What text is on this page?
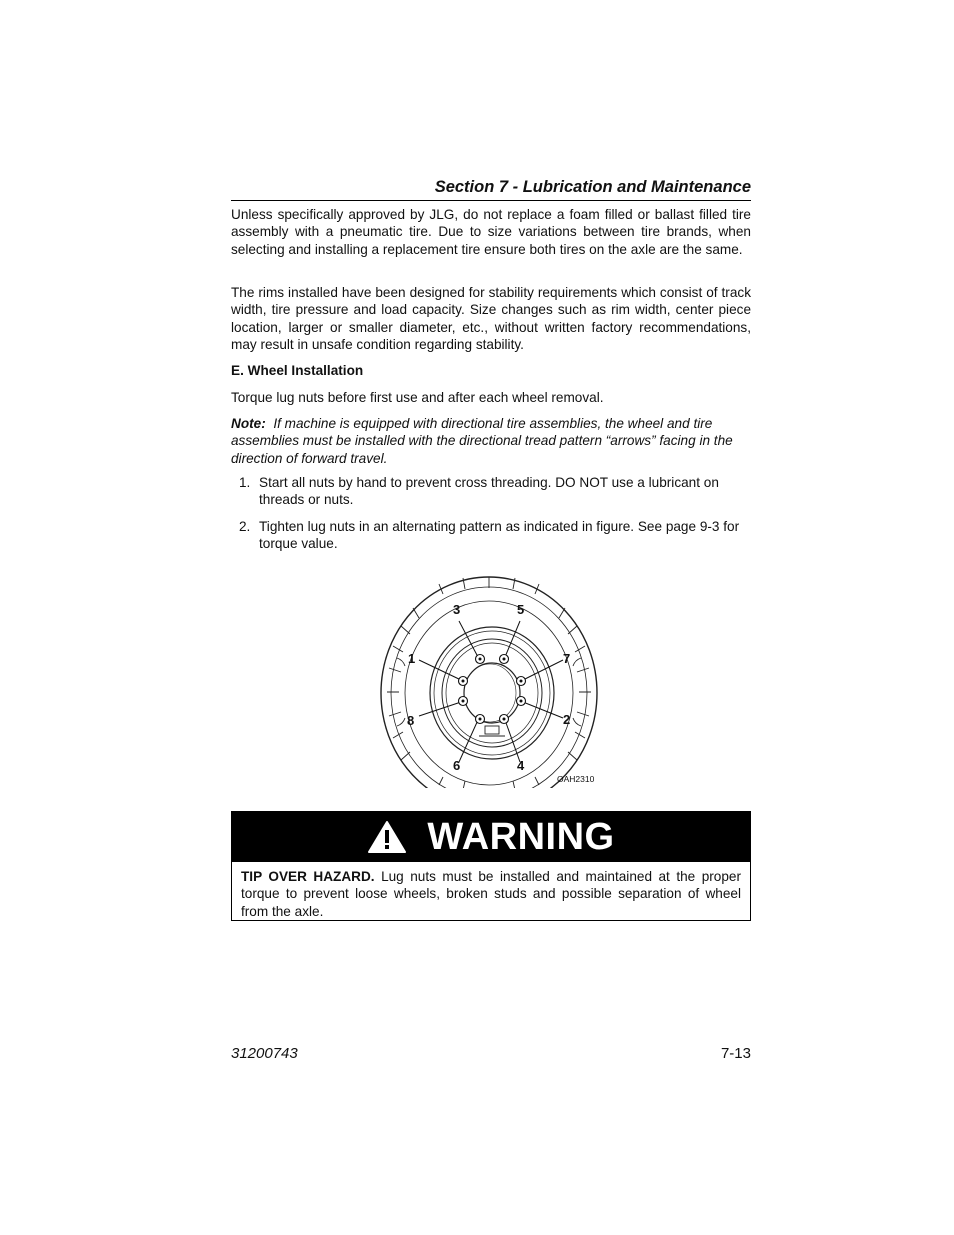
Section 7 - Lubrication and Maintenance

Unless specifically approved by JLG, do not replace a foam filled or ballast filled tire assembly with a pneumatic tire. Due to size variations between tire brands, when selecting and installing a replacement tire ensure both tires on the axle are the same.

The rims installed have been designed for stability requirements which consist of track width, tire pressure and load capacity. Size changes such as rim width, center piece location, larger or smaller diameter, etc., without written factory recommendations, may result in unsafe condition regarding stability.

E. Wheel Installation

Torque lug nuts before first use and after each wheel removal.

Note: If machine is equipped with directional tire assemblies, the wheel and tire assemblies must be installed with the directional tread pattern “arrows” facing in the direction of forward travel.
1. Start all nuts by hand to prevent cross threading. DO NOT use a lubricant on threads or nuts.
2. Tighten lug nuts in an alternating pattern as indicated in figure. See page 9-3 for torque value.
3	5
1	7
8	2
6	4
OAH2310
WARNING
TIP OVER HAZARD. Lug nuts must be installed and maintained at the proper torque to prevent loose wheels, broken studs and possible separation of wheel from the axle.
31200743	7-13
